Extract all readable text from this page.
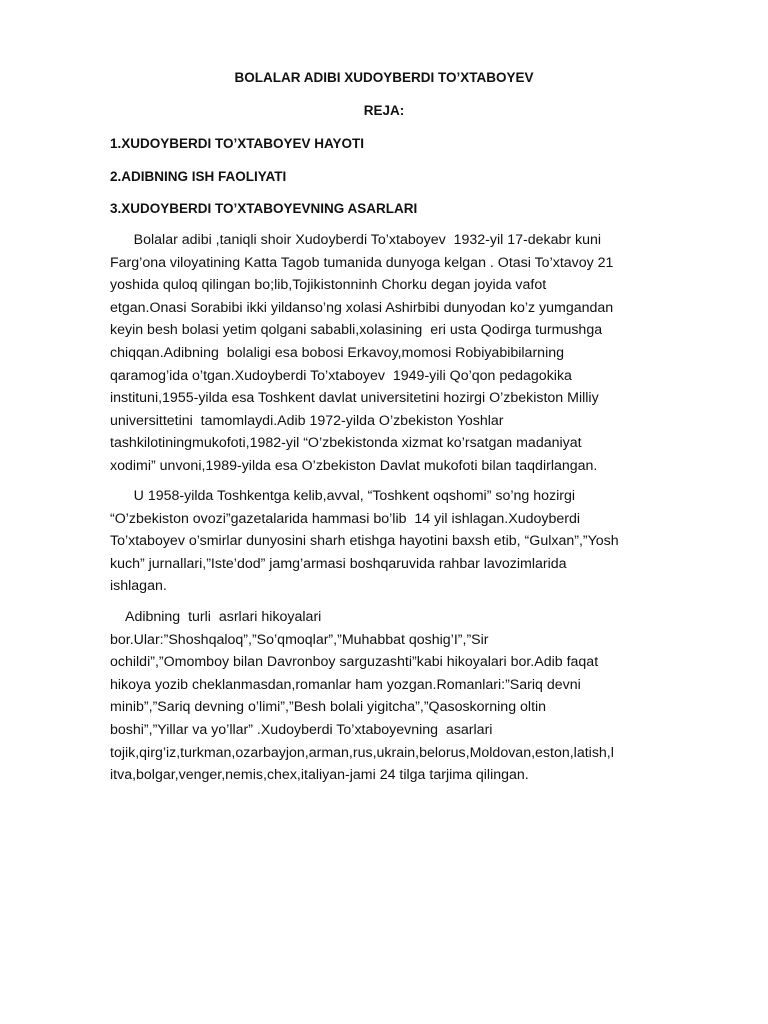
BOLALAR ADIBI XUDOYBERDI TO’XTABOYEV
REJA:
1.XUDOYBERDI TO’XTABOYEV HAYOTI
2.ADIBNING ISH FAOLIYATI
3.XUDOYBERDI TO’XTABOYEVNING ASARLARI

Bolalar adibi ,taniqli shoir Xudoyberdi To’xtaboyev  1932-yil 17-dekabr kuni
Farg’ona viloyatining Katta Tagob tumanida dunyoga kelgan . Otasi To’xtavoy 21
yoshida quloq qilingan bo;lib,Tojikistonninh Chorku degan joyida vafot
etgan.Onasi Sorabibi ikki yildanso’ng xolasi Ashirbibi dunyodan ko’z yumgandan
keyin besh bolasi yetim qolgani sababli,xolasining  eri usta Qodirga turmushga
chiqqan.Adibning  bolaligi esa bobosi Erkavoy,momosi Robiyabibilarning
qaramog’ida o’tgan.Xudoyberdi To’xtaboyev  1949-yili Qo’qon pedagokika
instituni,1955-yilda esa Toshkent davlat universitetini hozirgi O’zbekiston Milliy
universittetini  tamomlaydi.Adib 1972-yilda O’zbekiston Yoshlar
tashkilotiningmukofoti,1982-yil “O’zbekistonda xizmat ko’rsatgan madaniyat
xodimi” unvoni,1989-yilda esa O’zbekiston Davlat mukofoti bilan taqdirlangan.

U 1958-yilda Toshkentga kelib,avval, “Toshkent oqshomi” so’ng hozirgi
“O’zbekiston ovozi”gazetalarida hammasi bo’lib  14 yil ishlagan.Xudoyberdi
To’xtaboyev o’smirlar dunyosini sharh etishga hayotini baxsh etib, “Gulxan”,”Yosh
kuch” jurnallari,”Iste’dod” jamg’armasi boshqaruvida rahbar lavozimlarida
ishlagan.

Adibning  turli  asrlari hikoyalari
bor.Ular:”Shoshqaloq”,”So’qmoqlar”,”Muhabbat qoshig’I”,”Sir
ochildi”,”Omomboy bilan Davronboy sarguzashti”kabi hikoyalari bor.Adib faqat
hikoya yozib cheklanmasdan,romanlar ham yozgan.Romanlari:”Sariq devni
minib”,”Sariq devning o’limi”,”Besh bolali yigitcha”,”Qasoskorning oltin
boshi”,”Yillar va yo’llar” .Xudoyberdi To’xtaboyevning  asarlari
tojik,qirg’iz,turkman,ozarbayjon,arman,rus,ukrain,belorus,Moldovan,eston,latish,l
itva,bolgar,venger,nemis,chex,italiyan-jami 24 tilga tarjima qilingan.
